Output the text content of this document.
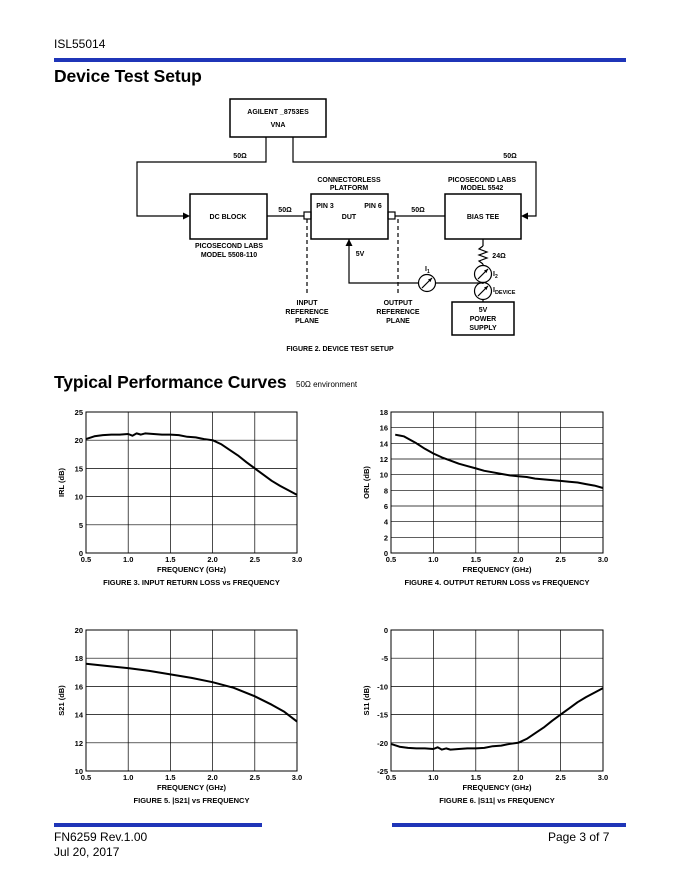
ISL55014
Device Test Setup
AGILENT _8753ES
VNA
50Ω	50Ω
CONNECTORLESS
PLATFORM
PICOSECOND LABS
MODEL 5542
DC BLOCK
PIN 3	PIN 6
DUT	BIAS TEE
50Ω	50Ω
PICOSECOND LABS
MODEL 5508-110	5V	24Ω
INPUT
REFERENCE
PLANE
OUTPUT
REFERENCE
PLANE
5V
POWER
SUPPLY
FIGURE 2. DEVICE TEST SETUP
$I_1$	$I_2$
$I_{DEVICE}$
0.5	1.0	1.5	2.0	2.5	3.0
0
5
10
15
20
25
FREQUENCY (GHz)
IRL (dB)
FIGURE 3. INPUT RETURN LOSS vs FREQUENCY
0.5	1.0	1.5	2.0	2.5	3.0
0
2
4
6
8
10
12
14
16
18
FREQUENCY (GHz)
ORL (dB)
FIGURE 4. OUTPUT RETURN LOSS vs FREQUENCY
0.5	1.0	1.5	2.0	2.5	3.0
10
12
14
16
18
20
FREQUENCY (GHz)
S21 (dB)
FIGURE 5. |S21| vs FREQUENCY
0.5	1.0	1.5	2.0	2.5	3.0
-25
-20
-15
-10
-5
0
FREQUENCY (GHz)
S11 (dB)
FIGURE 6. |S11| vs FREQUENCY
Typical Performance Curves 50Ω environment
FN6259 Rev.1.00
Jul 20, 2017
Page 3 of 7
